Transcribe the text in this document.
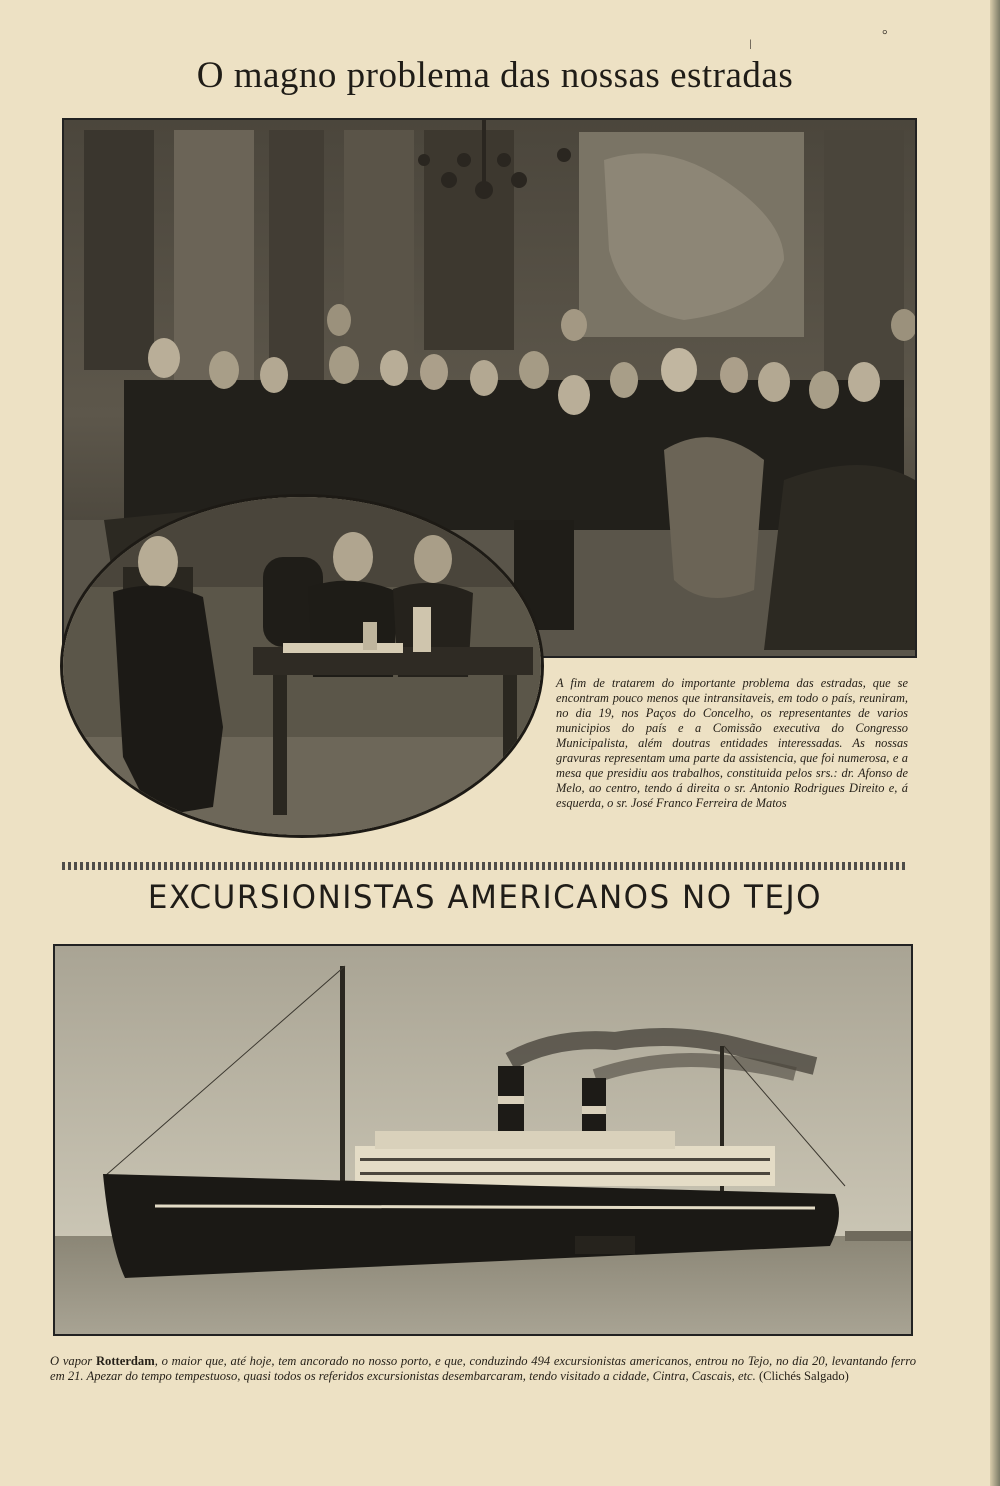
ǀ
°
O magno problema das nossas estradas
A fim de tratarem do importante problema das estradas, que se encontram pouco menos que intransitaveis, em todo o país, reuniram, no dia 19, nos Paços do Concelho, os representantes de varios municipios do país e a Comissão executiva do Congresso Municipalista, além doutras entidades interessadas. As nossas gravuras representam uma parte da assistencia, que foi numerosa, e a mesa que presidiu aos trabalhos, constituida pelos srs.: dr. Afonso de Melo, ao centro, tendo á direita o sr. Antonio Rodrigues Direito e, á esquerda, o sr. José Franco Ferreira de Matos
EXCURSIONISTAS AMERICANOS NO TEJO
O vapor Rotterdam, o maior que, até hoje, tem ancorado no nosso porto, e que, conduzindo 494 excursionistas americanos, entrou no Tejo, no dia 20, levantando ferro em 21. Apezar do tempo tempestuoso, quasi todos os referidos excursionistas desembarcaram, tendo visitado a cidade, Cintra, Cascais, etc. (Clichés Salgado)
